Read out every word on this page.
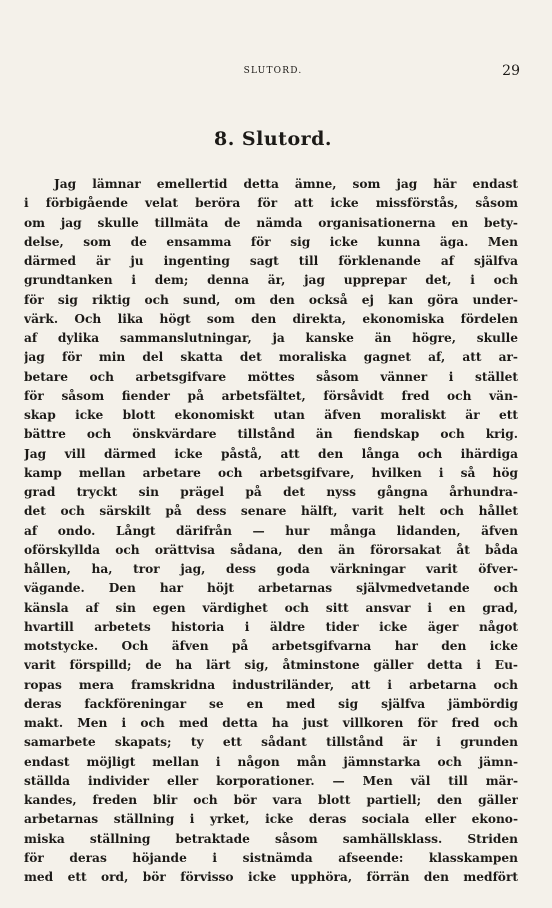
SLUTORD.	29
8. Slutord.
Jag lämnar emellertid detta ämne, som jag här endast
i förbigående velat beröra för att icke missförstås, såsom
om jag skulle tillmäta de nämda organisationerna en bety-
delse, som de ensamma för sig icke kunna äga. Men
därmed är ju ingenting sagt till förklenande af själfva
grundtanken i dem; denna är, jag upprepar det, i och
för sig riktig och sund, om den också ej kan göra under-
värk. Och lika högt som den direkta, ekonomiska fördelen
af dylika sammanslutningar, ja kanske än högre, skulle
jag för min del skatta det moraliska gagnet af, att ar-
betare och arbetsgifvare möttes såsom vänner i stället
för såsom fiender på arbetsfältet, försåvidt fred och vän-
skap icke blott ekonomiskt utan äfven moraliskt är ett
bättre och önskvärdare tillstånd än fiendskap och krig.
Jag vill därmed icke påstå, att den långa och ihärdiga
kamp mellan arbetare och arbetsgifvare, hvilken i så hög
grad tryckt sin prägel på det nyss gångna århundra-
det och särskilt på dess senare hälft, varit helt och hållet
af ondo. Långt därifrån — hur många lidanden, äfven
oförskyllda och orättvisa sådana, den än förorsakat åt båda
hållen, ha, tror jag, dess goda värkningar varit öfver-
vägande. Den har höjt arbetarnas självmedvetande och
känsla af sin egen värdighet och sitt ansvar i en grad,
hvartill arbetets historia i äldre tider icke äger något
motstycke. Och äfven på arbetsgifvarna har den icke
varit förspilld; de ha lärt sig, åtminstone gäller detta i Eu-
ropas mera framskridna industriländer, att i arbetarna och
deras fackföreningar se en med sig själfva jämbördig
makt. Men i och med detta ha just villkoren för fred och
samarbete skapats; ty ett sådant tillstånd är i grunden
endast möjligt mellan i någon mån jämnstarka och jämn-
ställda individer eller korporationer. — Men väl till mär-
kandes, freden blir och bör vara blott partiell; den gäller
arbetarnas ställning i yrket, icke deras sociala eller ekono-
miska ställning betraktade såsom samhällsklass. Striden
för deras höjande i sistnämda afseende: klasskampen
med ett ord, bör förvisso icke upphöra, förrän den medfört
